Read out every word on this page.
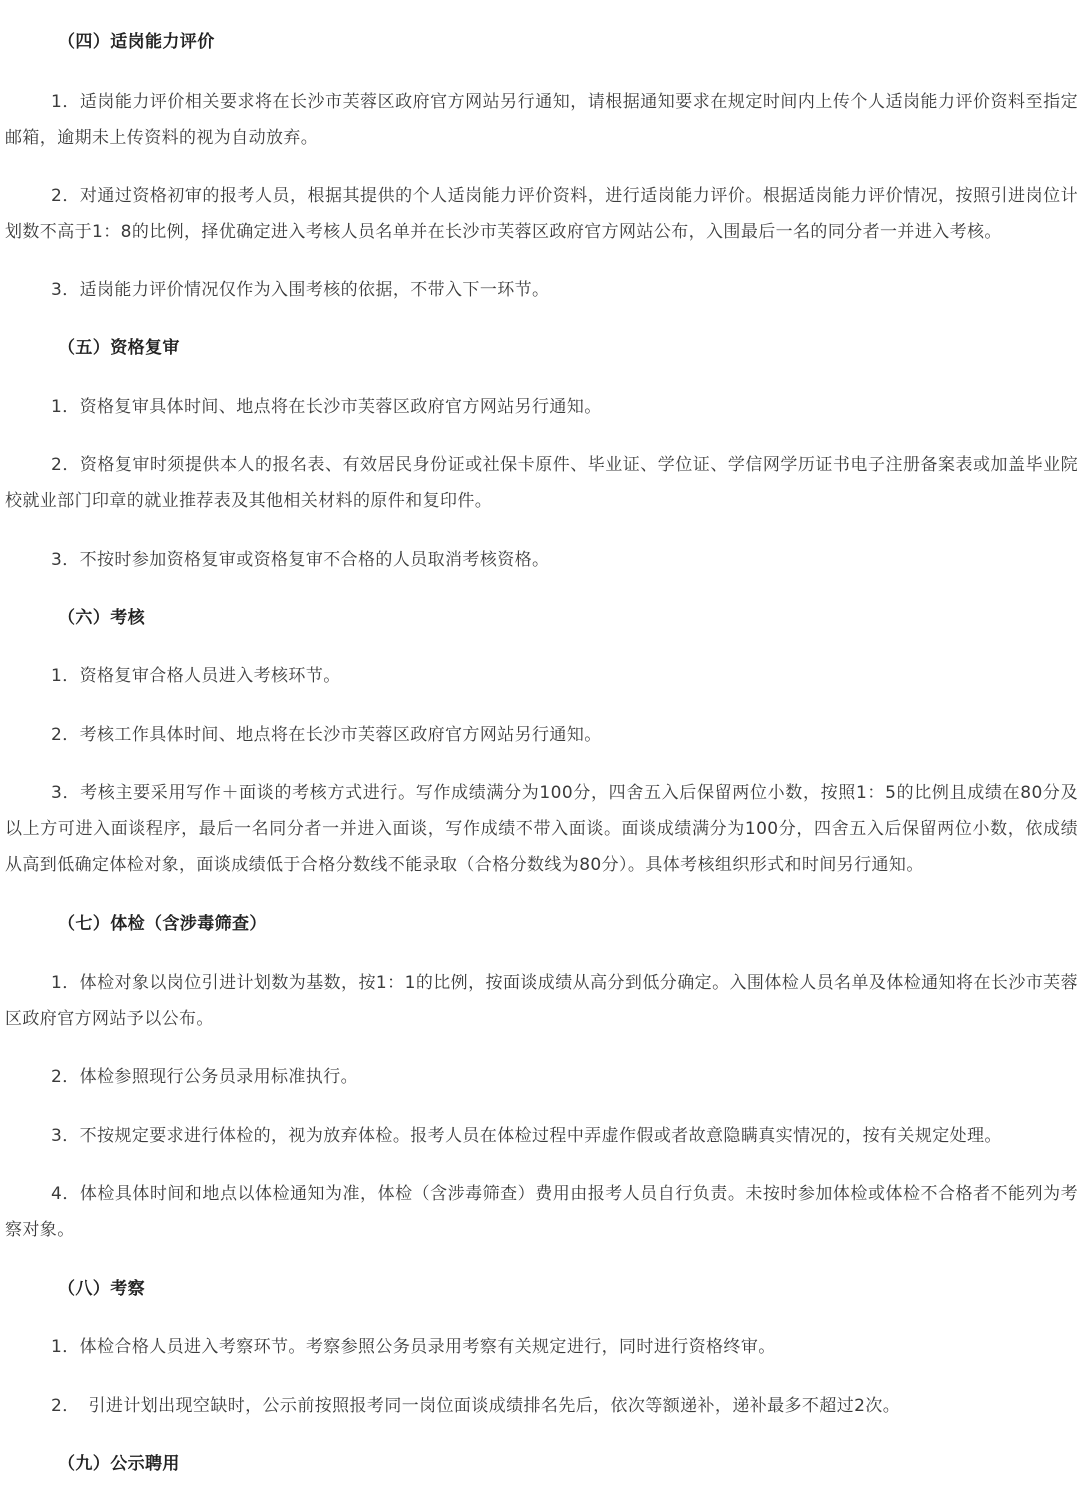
（四）适岗能力评价
1．适岗能力评价相关要求将在长沙市芙蓉区政府官方网站另行通知，请根据通知要求在规定时间内上传个人适岗能力评价资料至指定邮箱，逾期未上传资料的视为自动放弃。
2．对通过资格初审的报考人员，根据其提供的个人适岗能力评价资料，进行适岗能力评价。根据适岗能力评价情况，按照引进岗位计划数不高于1：8的比例，择优确定进入考核人员名单并在长沙市芙蓉区政府官方网站公布，入围最后一名的同分者一并进入考核。
3．适岗能力评价情况仅作为入围考核的依据，不带入下一环节。
（五）资格复审
1．资格复审具体时间、地点将在长沙市芙蓉区政府官方网站另行通知。
2．资格复审时须提供本人的报名表、有效居民身份证或社保卡原件、毕业证、学位证、学信网学历证书电子注册备案表或加盖毕业院校就业部门印章的就业推荐表及其他相关材料的原件和复印件。
3．不按时参加资格复审或资格复审不合格的人员取消考核资格。
（六）考核
1．资格复审合格人员进入考核环节。
2．考核工作具体时间、地点将在长沙市芙蓉区政府官方网站另行通知。
3．考核主要采用写作＋面谈的考核方式进行。写作成绩满分为100分，四舍五入后保留两位小数，按照1：5的比例且成绩在80分及以上方可进入面谈程序，最后一名同分者一并进入面谈，写作成绩不带入面谈。面谈成绩满分为100分，四舍五入后保留两位小数，依成绩从高到低确定体检对象，面谈成绩低于合格分数线不能录取（合格分数线为80分）。具体考核组织形式和时间另行通知。
（七）体检（含涉毒筛查）
1．体检对象以岗位引进计划数为基数，按1：1的比例，按面谈成绩从高分到低分确定。入围体检人员名单及体检通知将在长沙市芙蓉区政府官方网站予以公布。
2．体检参照现行公务员录用标准执行。
3．不按规定要求进行体检的，视为放弃体检。报考人员在体检过程中弄虚作假或者故意隐瞒真实情况的，按有关规定处理。
4．体检具体时间和地点以体检通知为准，体检（含涉毒筛查）费用由报考人员自行负责。未按时参加体检或体检不合格者不能列为考察对象。
（八）考察
1．体检合格人员进入考察环节。考察参照公务员录用考察有关规定进行，同时进行资格终审。
2．　引进计划出现空缺时，公示前按照报考同一岗位面谈成绩排名先后，依次等额递补，递补最多不超过2次。
（九）公示聘用
